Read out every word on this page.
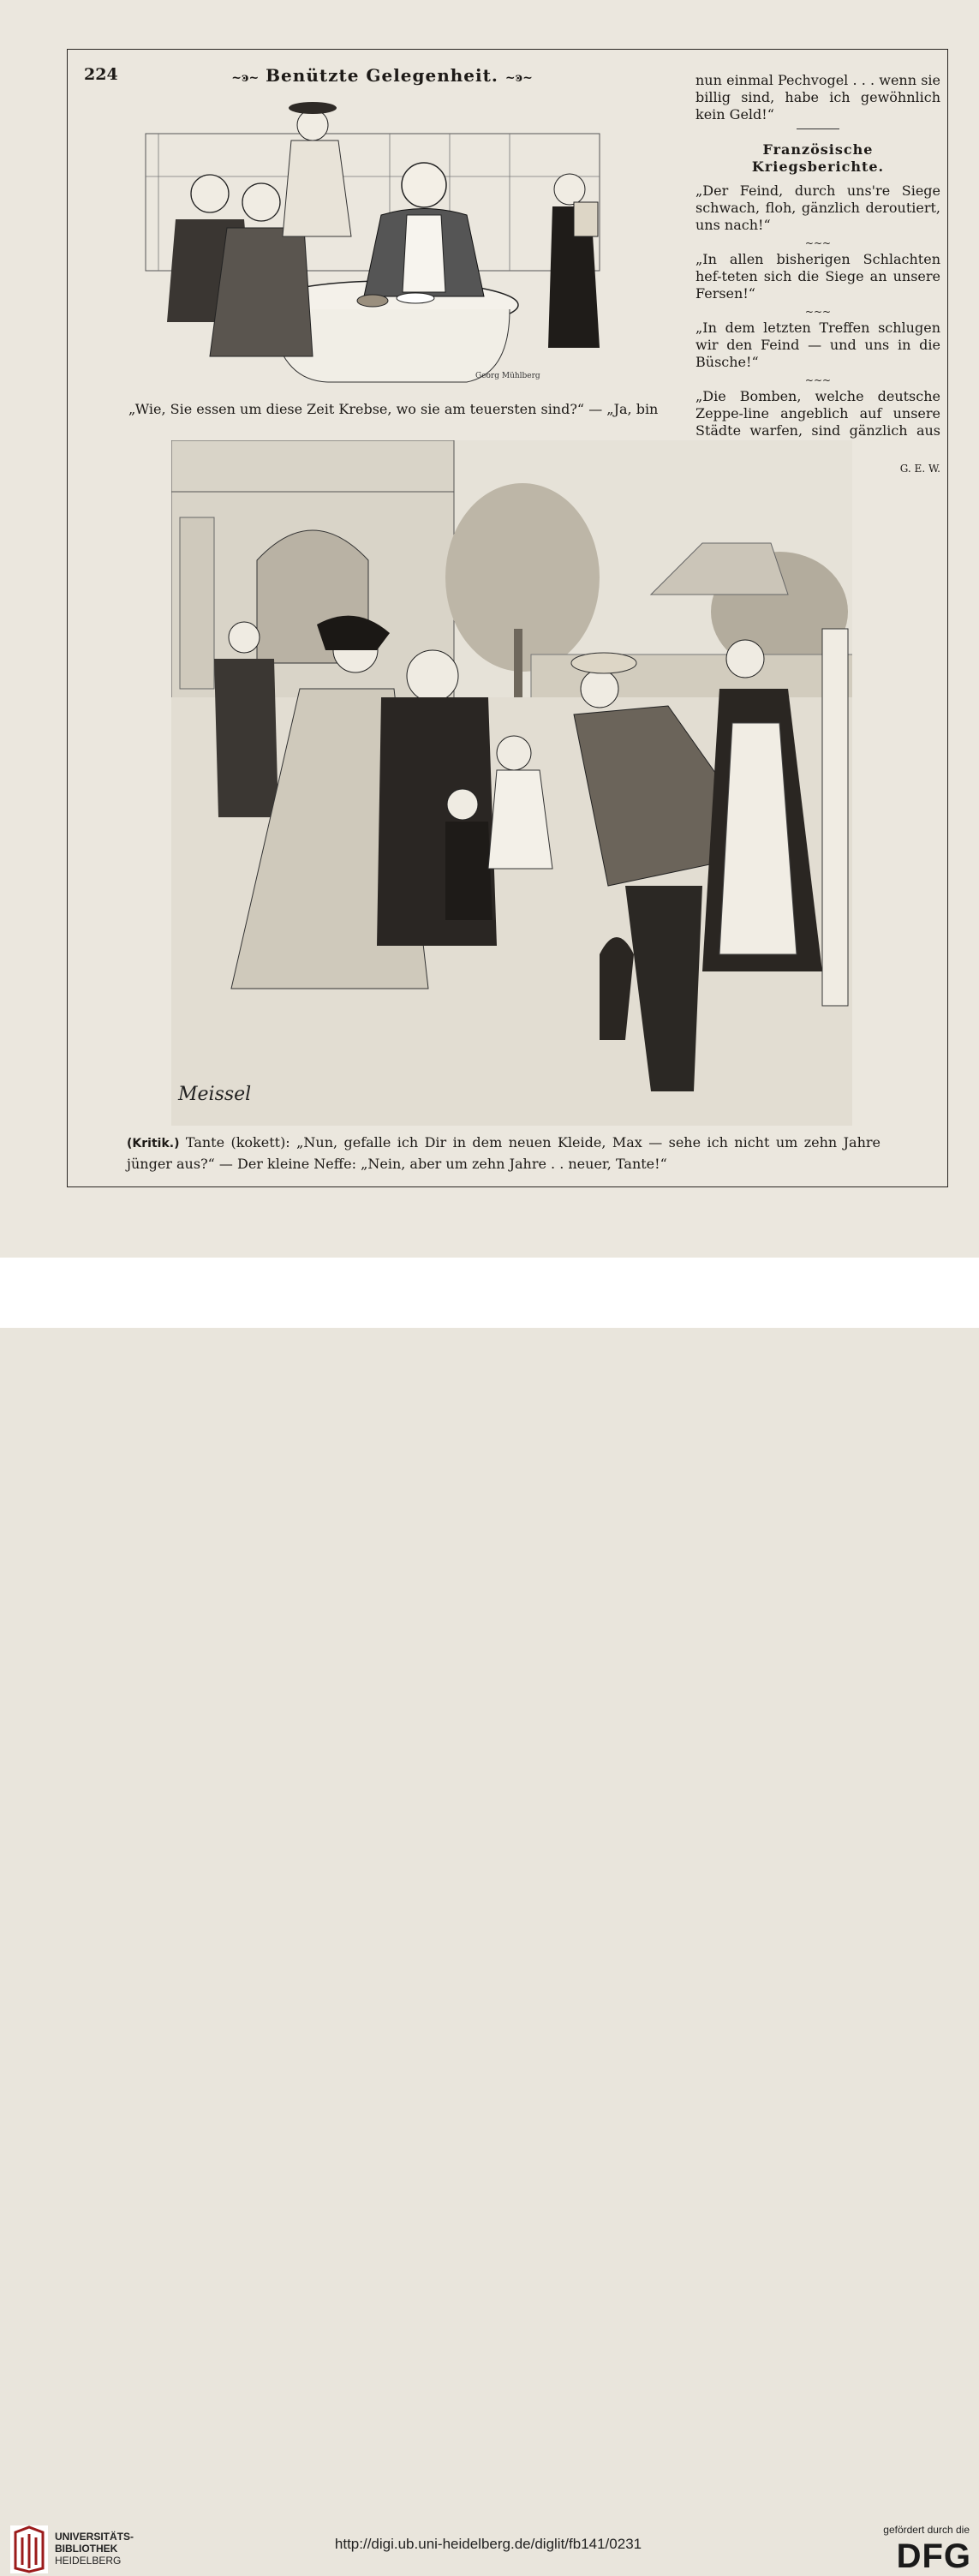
224	~ͽ~ Benützte Gelegenheit. ~ͽ~
Georg Mühlberg
„Wie, Sie essen um diese Zeit Krebse, wo sie am teuersten sind?“ — „Ja, bin

nun einmal Pechvogel . . . wenn sie billig sind, habe ich gewöhnlich kein Geld!“

Französische Kriegsberichte.

„Der Feind, durch uns're Siege schwach, floh, gänzlich deroutiert, uns nach!“

~~~

„In allen bisherigen Schlachten hef-teten sich die Siege an unsere Fersen!“

~~~

„In dem letzten Treffen schlugen wir den Feind — und uns in die Büsche!“

~~~

„Die Bomben, welche deutsche Zeppe-line angeblich auf unsere Städte warfen, sind gänzlich aus

G. E. W.

Meissel
(Kritik.) Tante (kokett): „Nun, gefalle ich Dir in dem neuen Kleide, Max — sehe ich nicht um zehn Jahre jünger aus?“ — Der kleine Neffe: „Nein, aber um zehn Jahre . . neuer, Tante!“
UNIVERSITÄTS-
BIBLIOTHEK
HEIDELBERG
http://digi.ub.uni-heidelberg.de/diglit/fb141/0231
gefördert durch die
DFG
